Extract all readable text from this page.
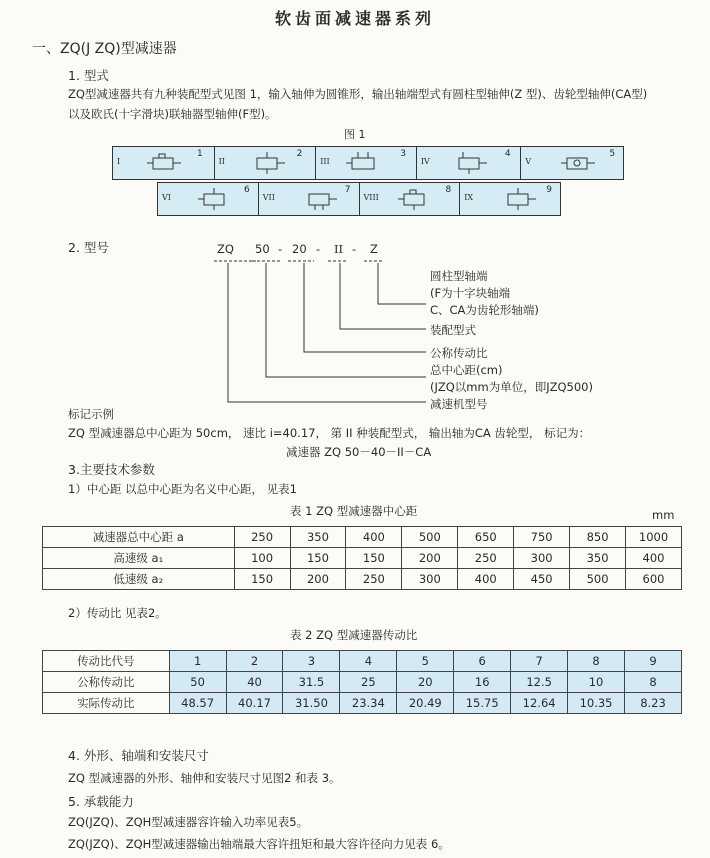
软齿面减速器系列
一、ZQ(J ZQ)型减速器
1. 型式
ZQ型减速器共有九种装配型式见图 1，输入轴伸为圆锥形，输出轴端型式有圆柱型轴伸(Z 型)、齿轮型轴伸(CA型)
以及欧氏(十字滑块)联轴器型轴伸(F型)。
图 1
I
1
II
2
III
3
IV
4
V
5
VI
6
VII
7
VIII
8
IX
9
2. 型号	ZQ 50 - 20 - II - Z
圆柱型轴端
(F为十字块轴端
C、CA为齿轮形轴端)
装配型式
公称传动比
总中心距(cm)
(JZQ以mm为单位，即JZQ500)
减速机型号
标记示例
ZQ 型减速器总中心距为 50cm， 速比 i=40.17， 第 II 种装配型式， 输出轴为CA 齿轮型， 标记为：
减速器 ZQ 50－40－II－CA
3.主要技术参数
1）中心距 以总中心距为名义中心距， 见表1
表 1 ZQ 型减速器中心距	mm
减速器总中心距 a	250	350	400	500	650	750	850	1000
高速级 a₁	100	150	150	200	250	300	350	400
低速级 a₂	150	200	250	300	400	450	500	600
2）传动比 见表2。
表 2 ZQ 型减速器传动比
传动比代号	1	2	3	4	5	6	7	8	9
公称传动比	50	40	31.5	25	20	16	12.5	10	8
实际传动比	48.57	40.17	31.50	23.34	20.49	15.75	12.64	10.35	8.23
4. 外形、轴端和安装尺寸
ZQ 型减速器的外形、轴伸和安装尺寸见图2 和表 3。
5. 承载能力
ZQ(JZQ)、ZQH型减速器容许输入功率见表5。
ZQ(JZQ)、ZQH型减速器输出轴端最大容许扭矩和最大容许径向力见表 6。
